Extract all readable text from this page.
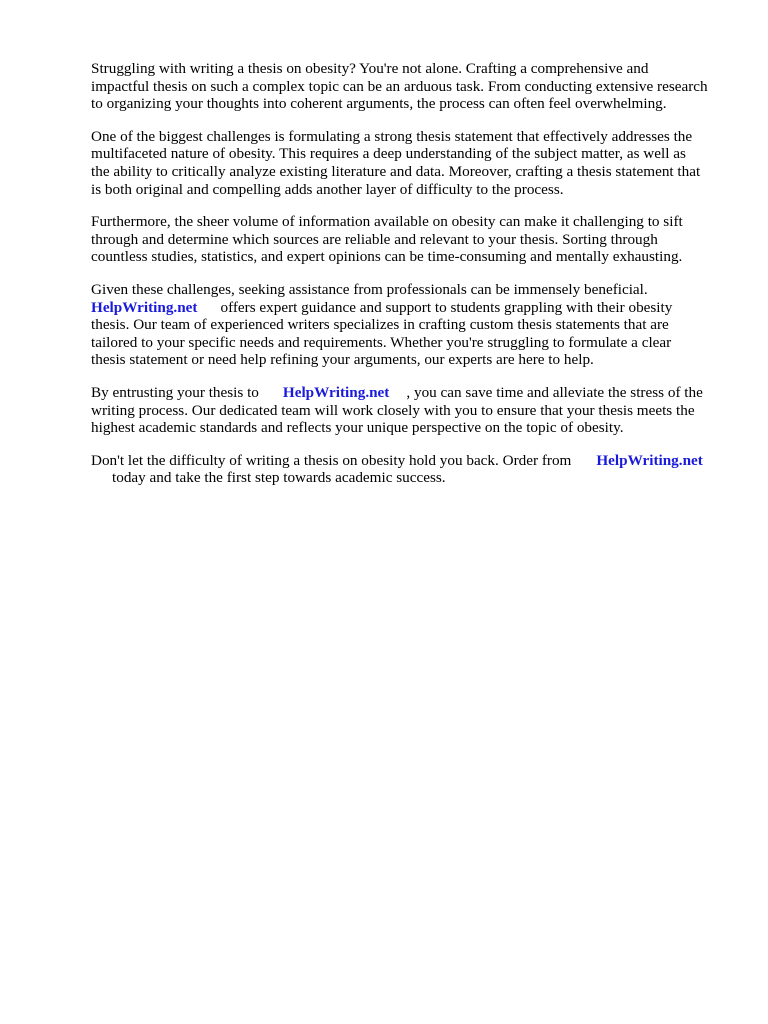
Struggling with writing a thesis on obesity? You're not alone. Crafting a comprehensive and
impactful thesis on such a complex topic can be an arduous task. From conducting extensive research
to organizing your thoughts into coherent arguments, the process can often feel overwhelming.

One of the biggest challenges is formulating a strong thesis statement that effectively addresses the
multifaceted nature of obesity. This requires a deep understanding of the subject matter, as well as
the ability to critically analyze existing literature and data. Moreover, crafting a thesis statement that
is both original and compelling adds another layer of difficulty to the process.

Furthermore, the sheer volume of information available on obesity can make it challenging to sift
through and determine which sources are reliable and relevant to your thesis. Sorting through
countless studies, statistics, and expert opinions can be time-consuming and mentally exhausting.

Given these challenges, seeking assistance from professionals can be immensely beneficial.
HelpWriting.net offers expert guidance and support to students grappling with their obesity
thesis. Our team of experienced writers specializes in crafting custom thesis statements that are
tailored to your specific needs and requirements. Whether you're struggling to formulate a clear
thesis statement or need help refining your arguments, our experts are here to help.

By entrusting your thesis to HelpWriting.net , you can save time and alleviate the stress of the
writing process. Our dedicated team will work closely with you to ensure that your thesis meets the
highest academic standards and reflects your unique perspective on the topic of obesity.

Don't let the difficulty of writing a thesis on obesity hold you back. Order from HelpWriting.net
today and take the first step towards academic success.
